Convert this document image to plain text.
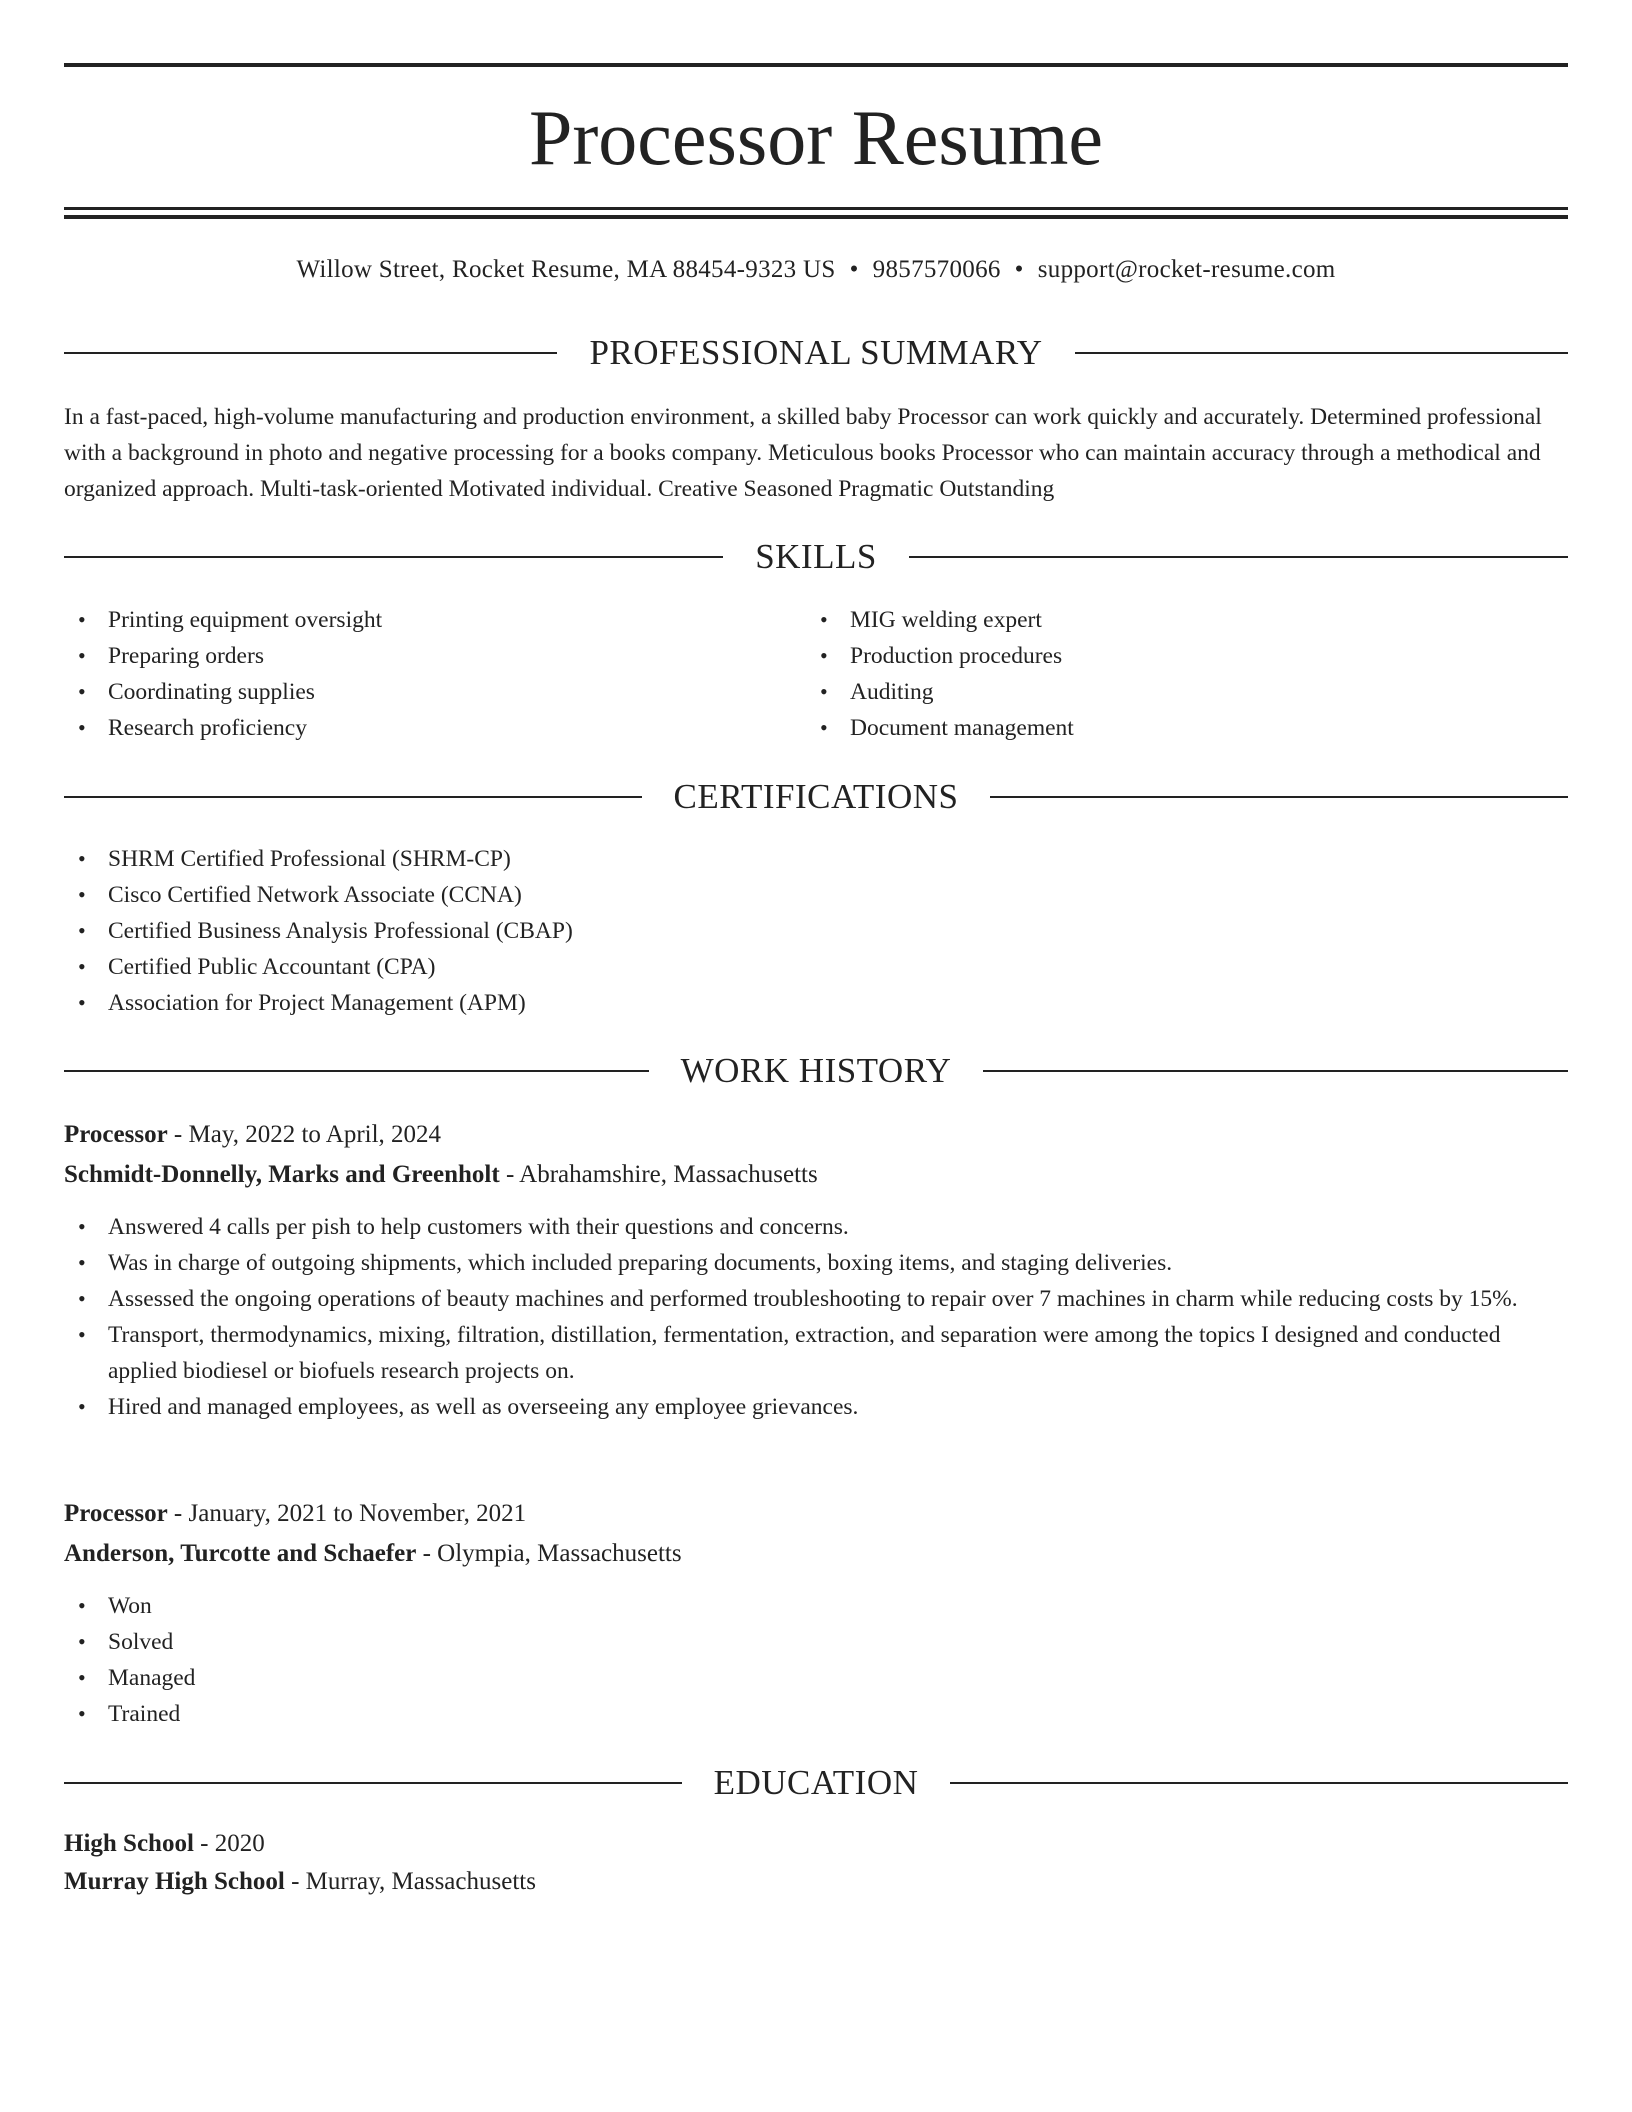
Processor Resume
Willow Street, Rocket Resume, MA 88454-9323 US • 9857570066 • support@rocket-resume.com
PROFESSIONAL SUMMARY

In a fast-paced, high-volume manufacturing and production environment, a skilled baby Processor can work quickly and accurately. Determined professional with a background in photo and negative processing for a books company. Meticulous books Processor who can maintain accuracy through a methodical and organized approach. Multi-task-oriented Motivated individual. Creative Seasoned Pragmatic Outstanding

SKILLS
• Printing equipment oversight
• Preparing orders
• Coordinating supplies
• Research proficiency
• MIG welding expert
• Production procedures
• Auditing
• Document management
CERTIFICATIONS
• SHRM Certified Professional (SHRM-CP)
• Cisco Certified Network Associate (CCNA)
• Certified Business Analysis Professional (CBAP)
• Certified Public Accountant (CPA)
• Association for Project Management (APM)
WORK HISTORY
Processor - May, 2022 to April, 2024
Schmidt-Donnelly, Marks and Greenholt - Abrahamshire, Massachusetts
• Answered 4 calls per pish to help customers with their questions and concerns.
• Was in charge of outgoing shipments, which included preparing documents, boxing items, and staging deliveries.
• Assessed the ongoing operations of beauty machines and performed troubleshooting to repair over 7 machines in charm while reducing costs by 15%.
• Transport, thermodynamics, mixing, filtration, distillation, fermentation, extraction, and separation were among the topics I designed and conducted applied biodiesel or biofuels research projects on.
• Hired and managed employees, as well as overseeing any employee grievances.
Processor - January, 2021 to November, 2021
Anderson, Turcotte and Schaefer - Olympia, Massachusetts
• Won
• Solved
• Managed
• Trained
EDUCATION
High School - 2020
Murray High School - Murray, Massachusetts
